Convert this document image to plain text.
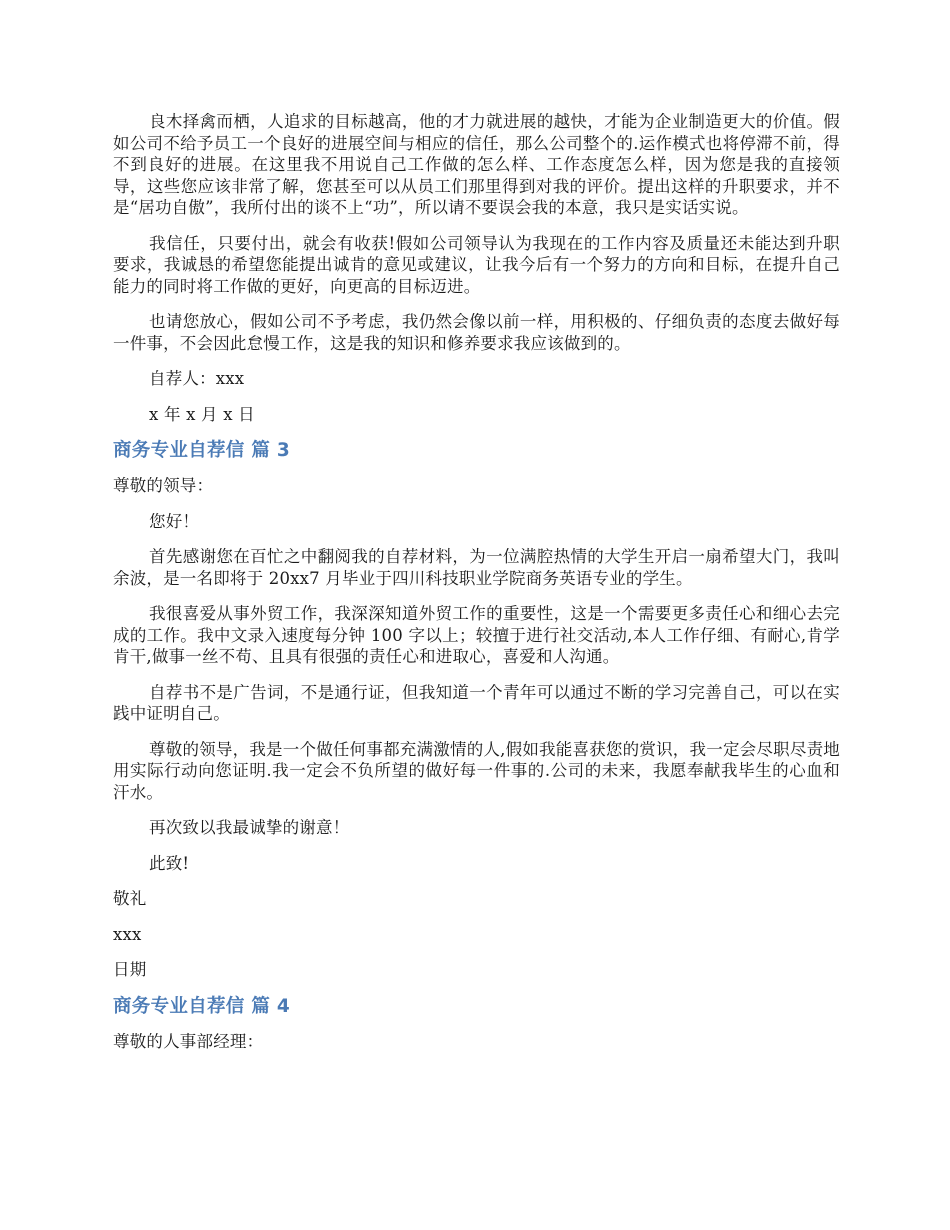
良木择禽而栖，人追求的目标越高，他的才力就进展的越快，才能为企业制造更大的价值。假如公司不给予员工一个良好的进展空间与相应的信任，那么公司整个的.运作模式也将停滞不前，得不到良好的进展。在这里我不用说自己工作做的怎么样、工作态度怎么样，因为您是我的直接领导，这些您应该非常了解，您甚至可以从员工们那里得到对我的评价。提出这样的升职要求，并不是“居功自傲”，我所付出的谈不上“功”，所以请不要误会我的本意，我只是实话实说。

我信任，只要付出，就会有收获!假如公司领导认为我现在的工作内容及质量还未能达到升职要求，我诚恳的希望您能提出诚肯的意见或建议，让我今后有一个努力的方向和目标，在提升自己能力的同时将工作做的更好，向更高的目标迈进。

也请您放心，假如公司不予考虑，我仍然会像以前一样，用积极的、仔细负责的态度去做好每一件事，不会因此怠慢工作，这是我的知识和修养要求我应该做到的。

自荐人：xxx
x 年 x 月 x 日
商务专业自荐信 篇 3
尊敬的领导：
您好！

首先感谢您在百忙之中翻阅我的自荐材料，为一位满腔热情的大学生开启一扇希望大门，我叫余波，是一名即将于 20xx7 月毕业于四川科技职业学院商务英语专业的学生。

我很喜爱从事外贸工作，我深深知道外贸工作的重要性，这是一个需要更多责任心和细心去完成的工作。我中文录入速度每分钟 100 字以上；较擅于进行社交活动,本人工作仔细、有耐心,肯学肯干,做事一丝不苟、且具有很强的责任心和进取心，喜爱和人沟通。

自荐书不是广告词，不是通行证，但我知道一个青年可以通过不断的学习完善自己，可以在实践中证明自己。

尊敬的领导，我是一个做任何事都充满激情的人,假如我能喜获您的赏识，我一定会尽职尽责地用实际行动向您证明.我一定会不负所望的做好每一件事的.公司的未来，我愿奉献我毕生的心血和汗水。

再次致以我最诚挚的谢意！
此致!
敬礼
xxx
日期
商务专业自荐信 篇 4
尊敬的人事部经理：
